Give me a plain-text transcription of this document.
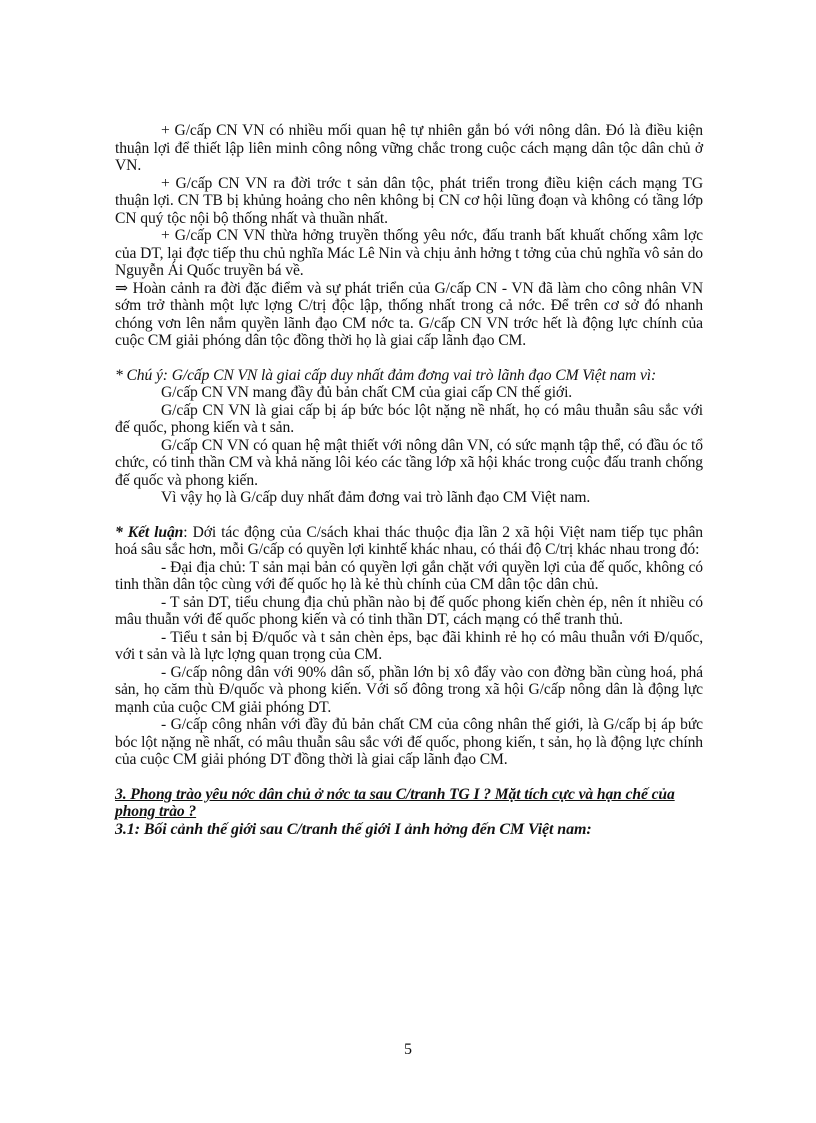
+ G/cấp CN VN có nhiều mối quan hệ tự nhiên gắn bó với nông dân. Đó là điều kiện thuận lợi để thiết lập liên minh công nông vững chắc trong cuộc cách mạng dân tộc dân chủ ở VN.

+ G/cấp CN VN ra đời trớc t sản dân tộc, phát triển trong điều kiện cách mạng TG thuận lợi. CN TB bị khủng hoảng cho nên không bị CN cơ hội lũng đoạn và không có tầng lớp CN quý tộc nội bộ thống nhất và thuần nhất.

+ G/cấp CN VN thừa hởng truyền thống yêu nớc, đấu tranh bất khuất chống xâm lợc của DT, lại đợc tiếp thu chủ nghĩa Mác Lê Nin và chịu ảnh hởng t tởng của chủ nghĩa vô sản do Nguyễn Ái Quốc truyền bá về.

⇒ Hoàn cảnh ra đời đặc điểm và sự phát triển của G/cấp CN - VN đã làm cho công nhân VN sớm trở thành một lực lợng C/trị độc lập, thống nhất trong cả nớc. Để trên cơ sở đó nhanh chóng vơn lên nắm quyền lãnh đạo CM nớc ta. G/cấp CN VN trớc hết là động lực chính của cuộc CM giải phóng dân tộc đồng thời họ là giai cấp lãnh đạo CM.

* Chú ý: G/cấp CN VN là giai cấp duy nhất đảm đơng vai trò lãnh đạo CM Việt nam vì:

G/cấp CN VN mang đầy đủ bản chất CM của giai cấp CN thế giới.

G/cấp CN VN là giai cấp bị áp bức bóc lột nặng nề nhất, họ có mâu thuẫn sâu sắc với đế quốc, phong kiến và t sản.

G/cấp CN VN có quan hệ mật thiết với nông dân VN, có sức mạnh tập thể, có đầu óc tổ chức, có tinh thần CM và khả năng lôi kéo các tầng lớp xã hội khác trong cuộc đấu tranh chống đế quốc và phong kiến.

Vì vậy họ là G/cấp duy nhất đảm đơng vai trò lãnh đạo CM Việt nam.

* Kết luận: Dới tác động của C/sách khai thác thuộc địa lần 2 xã hội Việt nam tiếp tục phân hoá sâu sắc hơn, mỗi G/cấp có quyền lợi kinhtế khác nhau, có thái độ C/trị khác nhau trong đó:

- Đại địa chủ: T sản mại bản có quyền lợi gắn chặt với quyền lợi của đế quốc, không có tinh thần dân tộc cùng với đế quốc họ là kẻ thù chính của CM dân tộc dân chủ.

- T sản DT, tiểu chung địa chủ phần nào bị đế quốc phong kiến chèn ép, nên ít nhiều có mâu thuẫn với đế quốc phong kiến và có tinh thần DT, cách mạng có thể tranh thủ.

- Tiểu t sản bị Đ/quốc và t sản chèn ẻps, bạc đãi khinh rẻ họ có mâu thuẫn với Đ/quốc, với t sản và là lực lợng quan trọng của CM.

- G/cấp nông dân với 90% dân số, phần lớn bị xô đẩy vào con đờng bần cùng hoá, phá sản, họ căm thù Đ/quốc và phong kiến. Với số đông trong xã hội G/cấp nông dân là động lực mạnh của cuộc CM giải phóng DT.

- G/cấp công nhân với đầy đủ bản chất CM của công nhân thế giới, là G/cấp bị áp bức bóc lột nặng nề nhất, có mâu thuẫn sâu sắc với đế quốc, phong kiến, t sản, họ là động lực chính của cuộc CM giải phóng DT đồng thời là giai cấp lãnh đạo CM.

3. Phong trào yêu nớc dân chủ ở nớc ta sau C/tranh TG I ? Mặt tích cực và hạn chế của phong trào ?

3.1: Bối cảnh thế giới sau C/tranh thế giới I ảnh hởng đến CM Việt nam:

5
